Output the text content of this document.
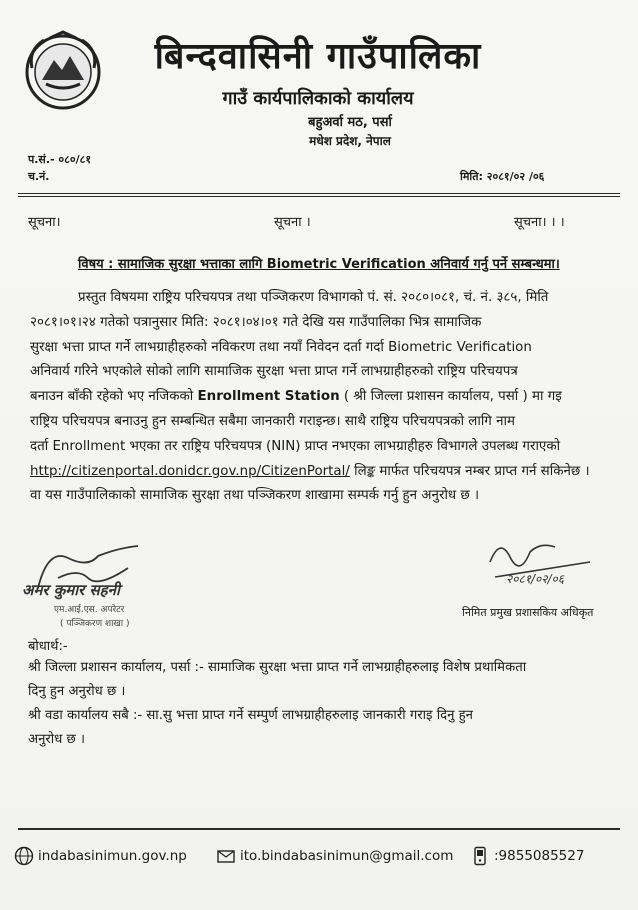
बिन्दवासिनी गाउँपालिका
गाउँ कार्यपालिकाको कार्यालय
बहुअर्वा मठ, पर्सा
मधेश प्रदेश, नेपाल
प.सं.- ०८०/८१
च.नं.	मिति: २०८१/०२ /०६
सूचना।	सूचना ।	सूचना। । ।
विषय : सामाजिक सुरक्षा भत्ताका लागि Biometric Verification अनिवार्य गर्नु पर्ने सम्बन्धमा।
प्रस्तुत विषयमा राष्ट्रिय परिचयपत्र तथा पञ्जिकरण विभागको पं. सं. २०८०।०८१, चं. नं. ३८५, मिति
२०८१।०१।२४ गतेको पत्रानुसार मिति: २०८१।०४।०१ गते देखि यस गाउँपालिका भित्र सामाजिक
सुरक्षा भत्ता प्राप्त गर्ने लाभग्राहीहरुको नविकरण तथा नयाँ निवेदन दर्ता गर्दा Biometric Verification
अनिवार्य गरिने भएकोले सोको लागि सामाजिक सुरक्षा भत्ता प्राप्त गर्ने लाभग्राहीहरुको राष्ट्रिय परिचयपत्र
बनाउन बाँकी रहेको भए नजिकको Enrollment Station ( श्री जिल्ला प्रशासन कार्यालय, पर्सा ) मा गइ
राष्ट्रिय परिचयपत्र बनाउनु हुन सम्बन्धित सबैमा जानकारी गराइन्छ। साथै राष्ट्रिय परिचयपत्रको लागि नाम
दर्ता Enrollment भएका तर राष्ट्रिय परिचयपत्र (NIN) प्राप्त नभएका लाभग्राहीहरु विभागले उपलब्ध गराएको
http://citizenportal.donidcr.gov.np/CitizenPortal/ लिङ्क मार्फत परिचयपत्र नम्बर प्राप्त गर्न सकिनेछ ।
वा यस गाउँपालिकाको सामाजिक सुरक्षा तथा पञ्जिकरण शाखामा सम्पर्क गर्नु हुन अनुरोध छ ।
अमर कुमार सहनी
एम.आई.एस. अपरेटर
( पञ्जिकरण शाखा )
२०८१/०२/०६
निमित प्रमुख प्रशासकिय अधिकृत
बोधार्थ:-
श्री जिल्ला प्रशासन कार्यालय, पर्सा :- सामाजिक सुरक्षा भत्ता प्राप्त गर्ने लाभग्राहीहरुलाइ विशेष प्रथामिकता
दिनु हुन अनुरोध छ ।
श्री वडा कार्यालय सबै :- सा.सु भत्ता प्राप्त गर्ने सम्पुर्ण लाभग्राहीहरुलाइ जानकारी गराइ दिनु हुन
अनुरोध छ ।
indabasinimun.gov.np	ito.bindabasinimun@gmail.com	:9855085527
